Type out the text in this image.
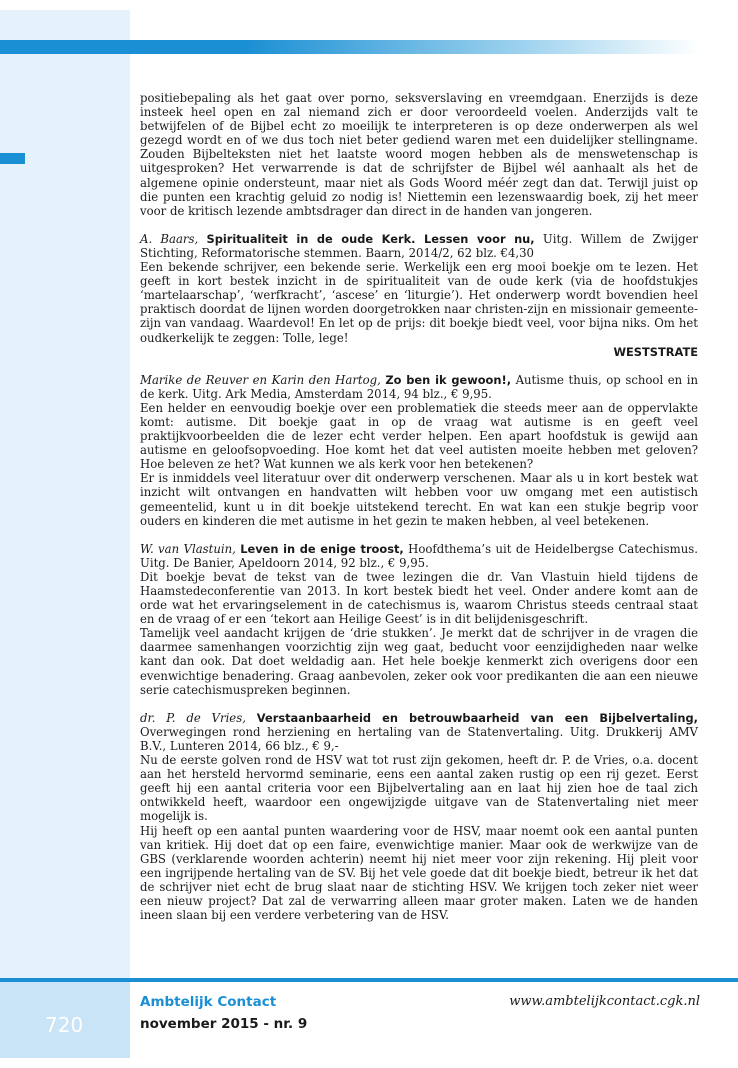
positiebepaling als het gaat over porno, seksverslaving en vreemdgaan. Enerzijds is deze insteek heel open en zal niemand zich er door veroordeeld voelen. Anderzijds valt te betwijfelen of de Bijbel echt zo moeilijk te interpreteren is op deze onderwerpen als wel gezegd wordt en of we dus toch niet beter gediend waren met een duidelijker stellingname. Zouden Bijbelteksten niet het laatste woord mogen hebben als de menswetenschap is uitgesproken? Het verwarrende is dat de schrijfster de Bijbel wél aanhaalt als het de algemene opinie ondersteunt, maar niet als Gods Woord méér zegt dan dat. Terwijl juist op die punten een krachtig geluid zo nodig is! Niettemin een lezenswaardig boek, zij het meer voor de kritisch lezende ambtsdrager dan direct in de handen van jongeren.

A. Baars, Spiritualiteit in de oude Kerk. Lessen voor nu, Uitg. Willem de Zwijger Stichting, Reformatorische stemmen. Baarn, 2014/2, 62 blz. €4,30

Een bekende schrijver, een bekende serie. Werkelijk een erg mooi boekje om te lezen. Het geeft in kort bestek inzicht in de spiritualiteit van de oude kerk (via de hoofdstukjes ‘martelaarschap’, ‘werfkracht’, ‘ascese’ en ‘liturgie’). Het onderwerp wordt bovendien heel praktisch doordat de lijnen worden doorgetrokken naar christen-zijn en missionair gemeente-zijn van vandaag. Waardevol! En let op de prijs: dit boekje biedt veel, voor bijna niks. Om het oudkerkelijk te zeggen: Tolle, lege!

WESTSTRATE

Marike de Reuver en Karin den Hartog, Zo ben ik gewoon!, Autisme thuis, op school en in de kerk. Uitg. Ark Media, Amsterdam 2014, 94 blz., € 9,95.

Een helder en eenvoudig boekje over een problematiek die steeds meer aan de oppervlakte komt: autisme. Dit boekje gaat in op de vraag wat autisme is en geeft veel praktijkvoorbeelden die de lezer echt verder helpen. Een apart hoofdstuk is gewijd aan autisme en geloofsopvoeding. Hoe komt het dat veel autisten moeite hebben met geloven? Hoe beleven ze het? Wat kunnen we als kerk voor hen betekenen?

Er is inmiddels veel literatuur over dit onderwerp verschenen. Maar als u in kort bestek wat inzicht wilt ontvangen en handvatten wilt hebben voor uw omgang met een autistisch gemeentelid, kunt u in dit boekje uitstekend terecht. En wat kan een stukje begrip voor ouders en kinderen die met autisme in het gezin te maken hebben, al veel betekenen.

W. van Vlastuin, Leven in de enige troost, Hoofdthema’s uit de Heidelbergse Catechismus. Uitg. De Banier, Apeldoorn 2014, 92 blz., € 9,95.

Dit boekje bevat de tekst van de twee lezingen die dr. Van Vlastuin hield tijdens de Haamstedeconferentie van 2013. In kort bestek biedt het veel. Onder andere komt aan de orde wat het ervaringselement in de catechismus is, waarom Christus steeds centraal staat en de vraag of er een ‘tekort aan Heilige Geest’ is in dit belijdenisgeschrift.

Tamelijk veel aandacht krijgen de ‘drie stukken’. Je merkt dat de schrijver in de vragen die daarmee samenhangen voorzichtig zijn weg gaat, beducht voor eenzijdigheden naar welke kant dan ook. Dat doet weldadig aan. Het hele boekje kenmerkt zich overigens door een evenwichtige benadering. Graag aanbevolen, zeker ook voor predikanten die aan een nieuwe serie catechismuspreken beginnen.

dr. P. de Vries, Verstaanbaarheid en betrouwbaarheid van een Bijbelvertaling, Overwegingen rond herziening en hertaling van de Statenvertaling. Uitg. Drukkerij AMV B.V., Lunteren 2014, 66 blz., € 9,-

Nu de eerste golven rond de HSV wat tot rust zijn gekomen, heeft dr. P. de Vries, o.a. docent aan het hersteld hervormd seminarie, eens een aantal zaken rustig op een rij gezet. Eerst geeft hij een aantal criteria voor een Bijbelvertaling aan en laat hij zien hoe de taal zich ontwikkeld heeft, waardoor een ongewijzigde uitgave van de Statenvertaling niet meer mogelijk is.

Hij heeft op een aantal punten waardering voor de HSV, maar noemt ook een aantal punten van kritiek. Hij doet dat op een faire, evenwichtige manier. Maar ook de werkwijze van de GBS (verklarende woorden achterin) neemt hij niet meer voor zijn rekening. Hij pleit voor een ingrijpende hertaling van de SV. Bij het vele goede dat dit boekje biedt, betreur ik het dat de schrijver niet echt de brug slaat naar de stichting HSV. We krijgen toch zeker niet weer een nieuw project? Dat zal de verwarring alleen maar groter maken. Laten we de handen ineen slaan bij een verdere verbetering van de HSV.

720
Ambtelijk Contact
november 2015 - nr. 9
www.ambtelijkcontact.cgk.nl
